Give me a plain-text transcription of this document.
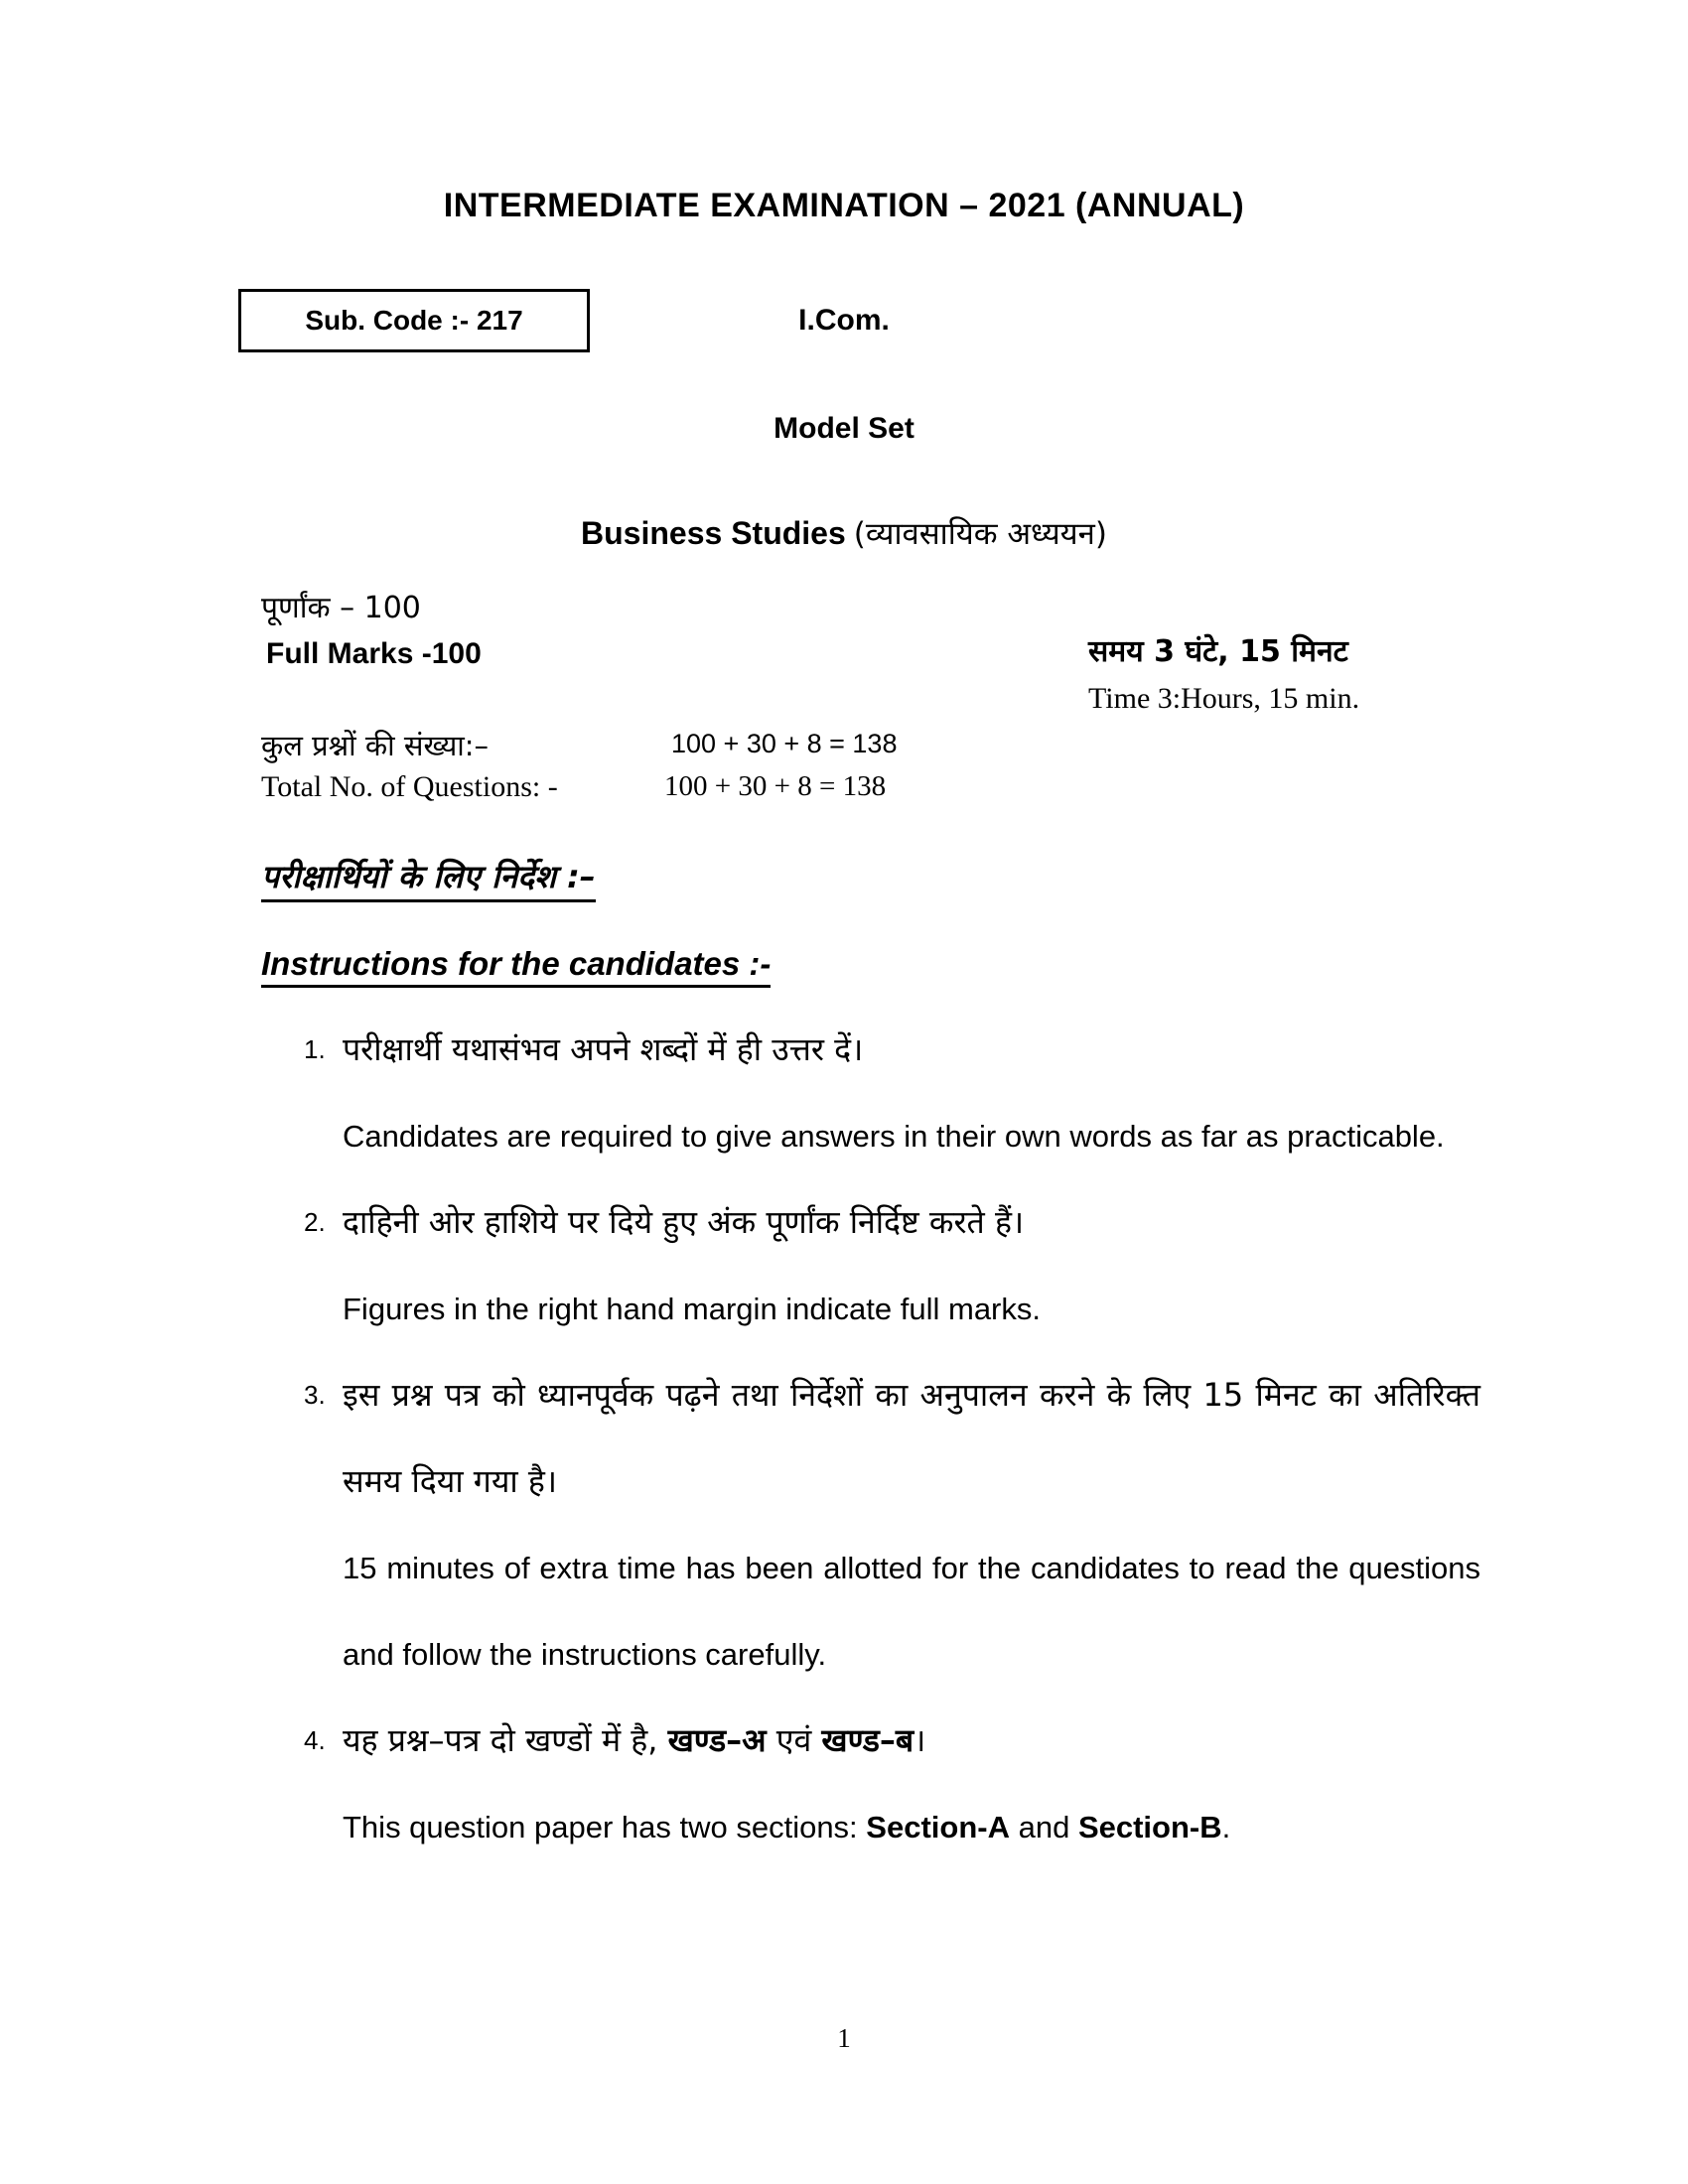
INTERMEDIATE EXAMINATION – 2021 (ANNUAL)
Sub. Code :- 217	I.Com.
Model Set
Business Studies (व्यावसायिक अध्ययन)
पूर्णांक – 100
Full Marks -100	समय 3 घंटे, 15 मिनट
Time 3:Hours, 15 min.
कुल प्रश्नों की संख्या:–	100 + 30 + 8 = 138
Total No. of Questions: -	100 + 30 + 8 = 138
परीक्षार्थियों के लिए निर्देश :–
Instructions for the candidates :-
1. परीक्षार्थी यथासंभव अपने शब्दों में ही उत्तर दें।
Candidates are required to give answers in their own words as far as practicable.
2. दाहिनी ओर हाशिये पर दिये हुए अंक पूर्णांक निर्दिष्ट करते हैं।
Figures in the right hand margin indicate full marks.
3. इस प्रश्न पत्र को ध्यानपूर्वक पढ़ने तथा निर्देशों का अनुपालन करने के लिए 15 मिनट का अतिरिक्त समय दिया गया है।
15 minutes of extra time has been allotted for the candidates to read the questions and follow the instructions carefully.
4. यह प्रश्न–पत्र दो खण्डों में है, खण्ड–अ एवं खण्ड–ब।
This question paper has two sections: Section-A and Section-B.
1
